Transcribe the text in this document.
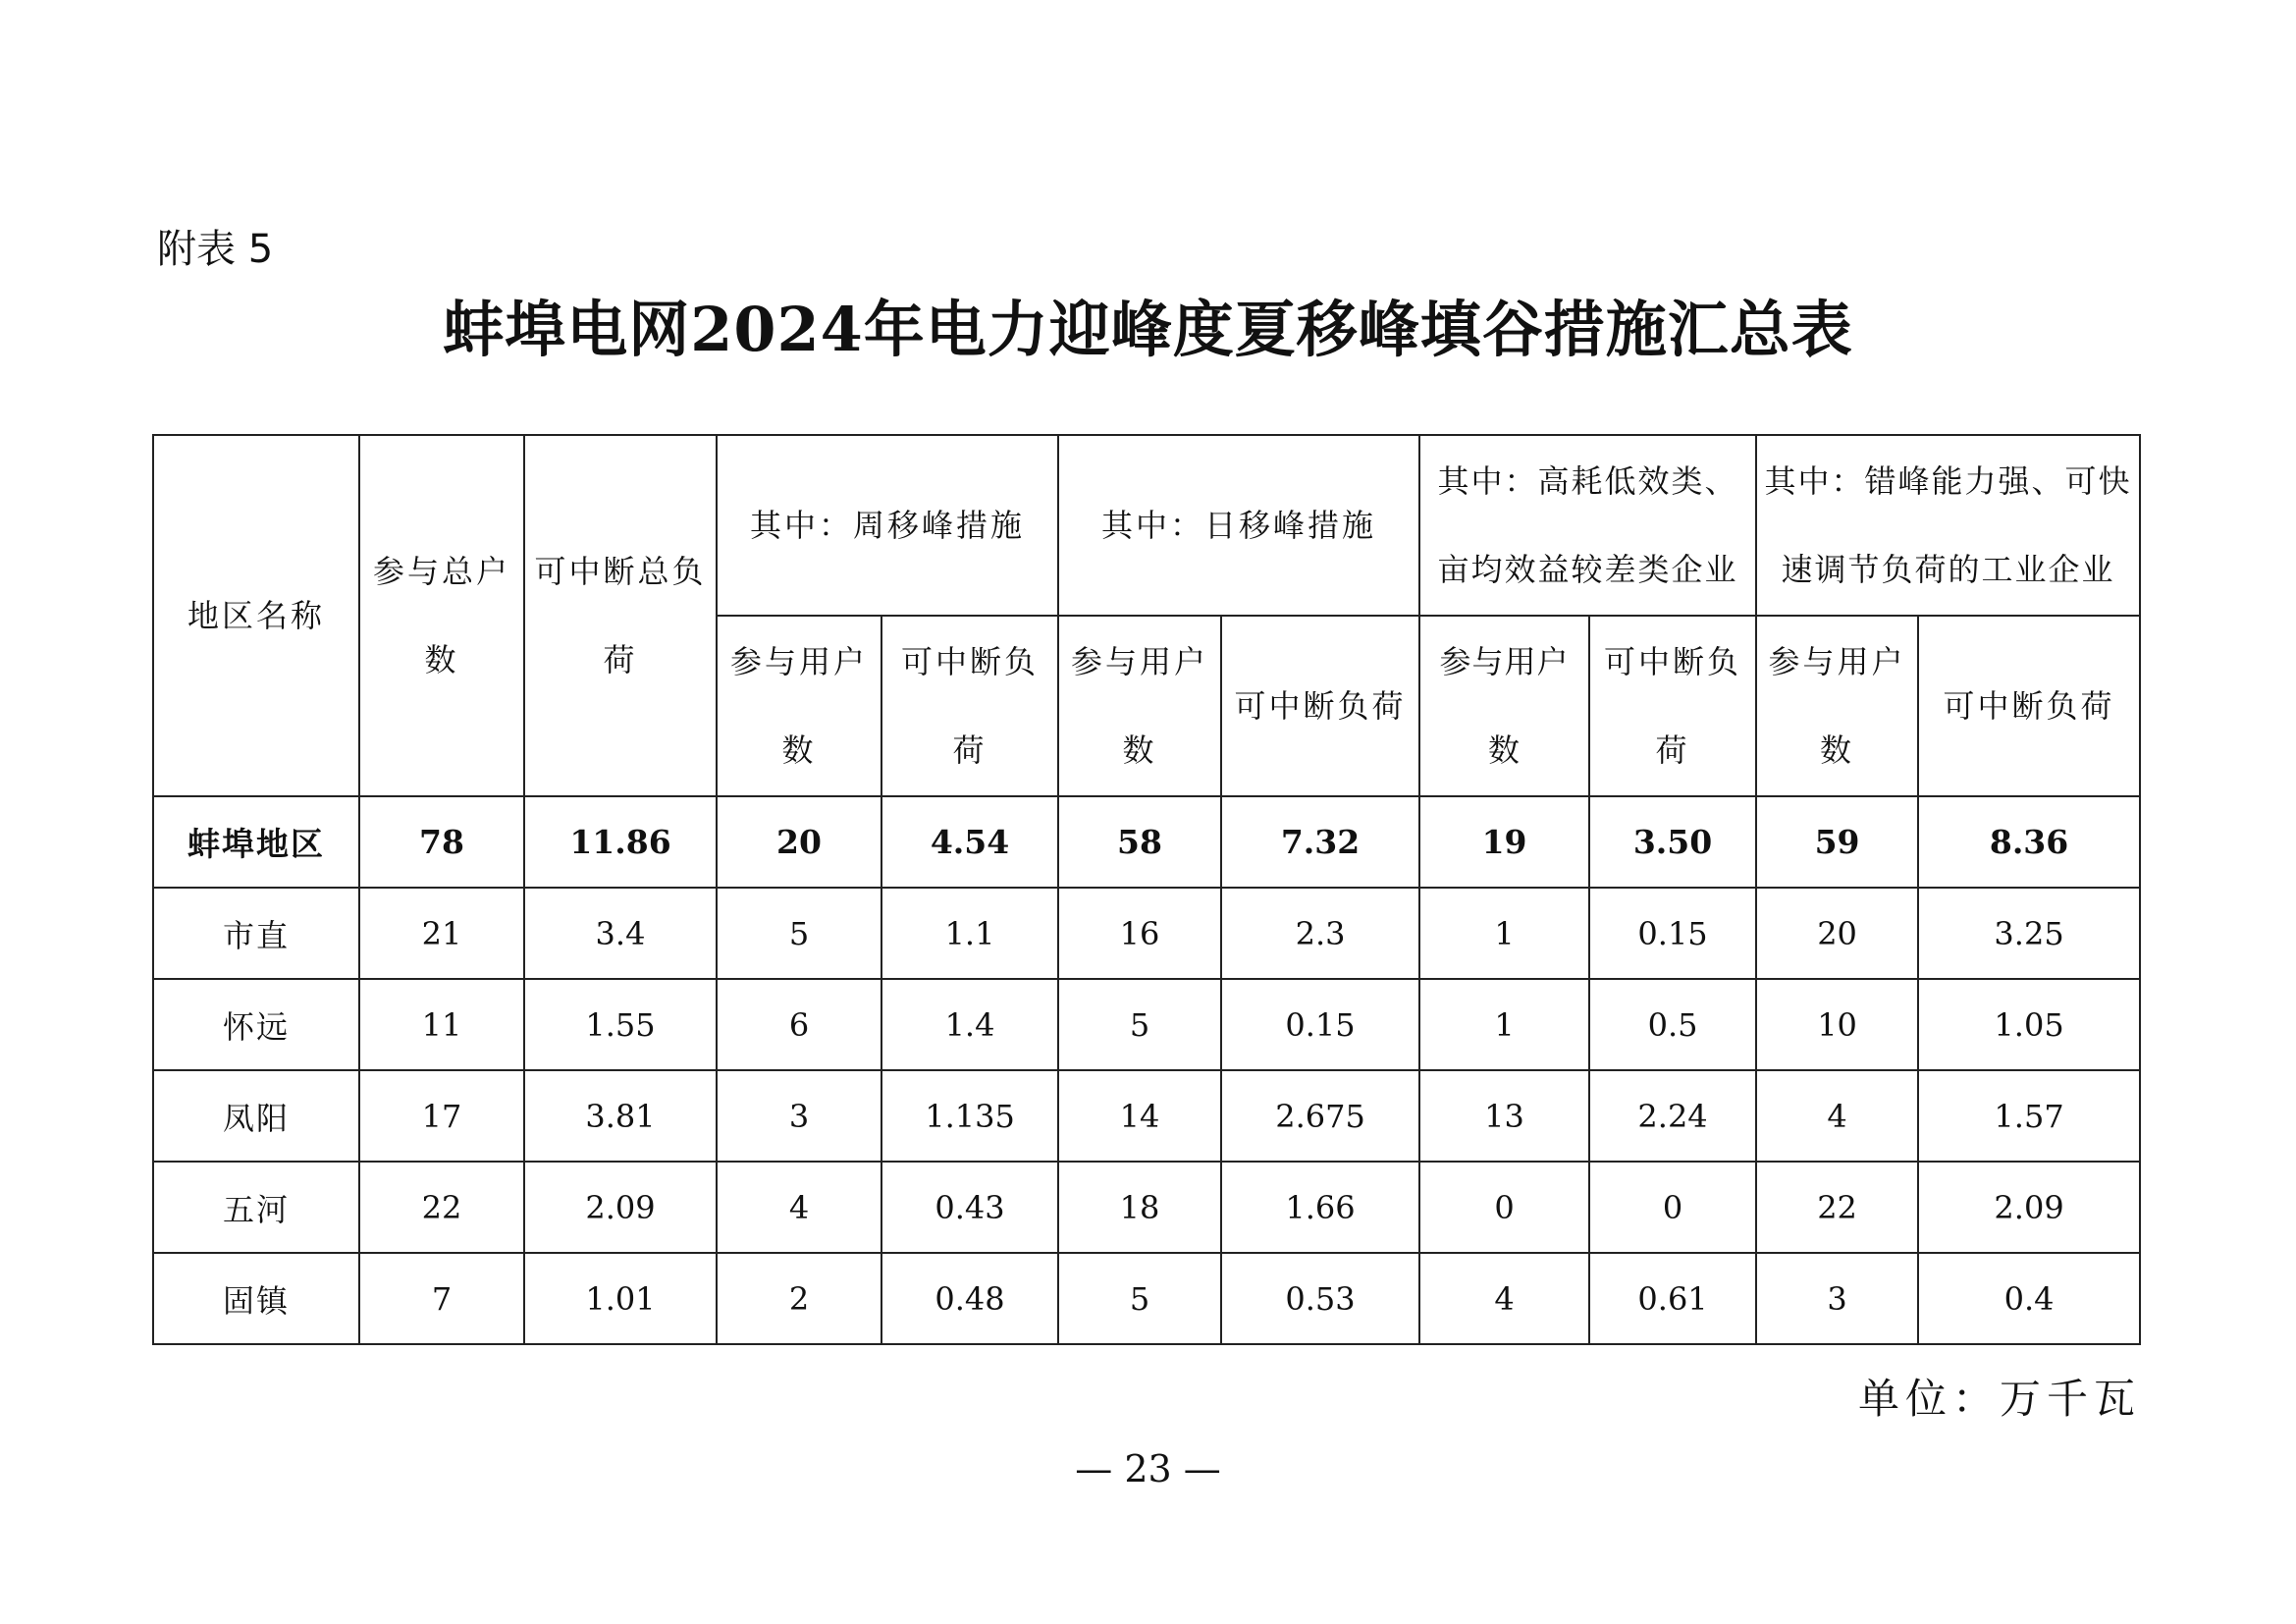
附表 5
蚌埠电网2024年电力迎峰度夏移峰填谷措施汇总表
地区名称	参与总户数	可中断总负荷	其中：周移峰措施		其中：日移峰措施		其中：高耗低效类、亩均效益较差类企业		其中：错峰能力强、可快速调节负荷的工业企业	
			参与用户数	可中断负荷	参与用户数	可中断负荷	参与用户数	可中断负荷	参与用户数	可中断负荷
蚌埠地区	78	11.86	20	4.54	58	7.32	19	3.50	59	8.36
市直	21	3.4	5	1.1	16	2.3	1	0.15	20	3.25
怀远	11	1.55	6	1.4	5	0.15	1	0.5	10	1.05
凤阳	17	3.81	3	1.135	14	2.675	13	2.24	4	1.57
五河	22	2.09	4	0.43	18	1.66	0	0	22	2.09
固镇	7	1.01	2	0.48	5	0.53	4	0.61	3	0.4
单位：万千瓦
— 23 —
